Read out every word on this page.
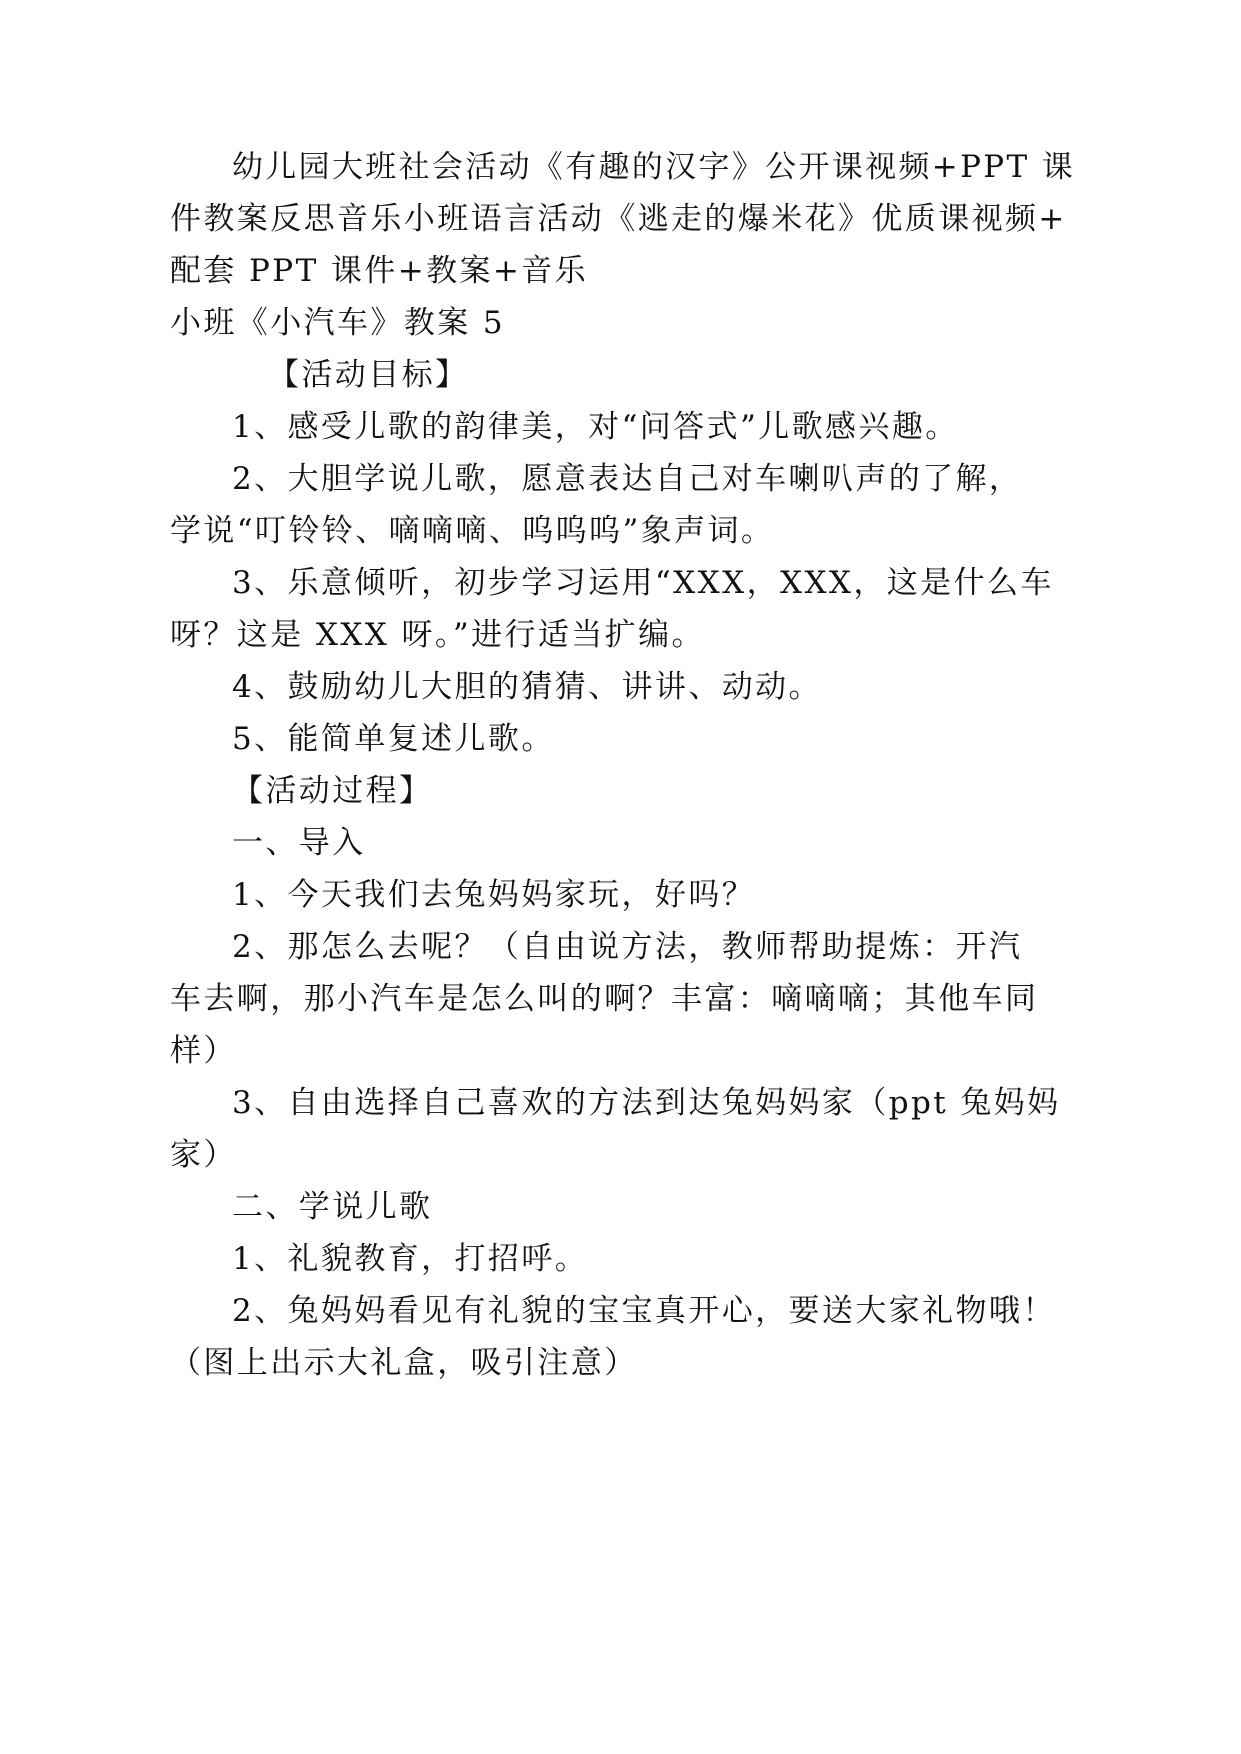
幼儿园大班社会活动《有趣的汉字》公开课视频+PPT 课

件教案反思音乐小班语言活动《逃走的爆米花》优质课视频+

配套 PPT 课件+教案+音乐

小班《小汽车》教案 5

【活动目标】

1、感受儿歌的韵律美，对“问答式”儿歌感兴趣。

2、大胆学说儿歌，愿意表达自己对车喇叭声的了解，

学说“叮铃铃、嘀嘀嘀、呜呜呜”象声词。

3、乐意倾听，初步学习运用“XXX，XXX，这是什么车

呀？这是 XXX 呀。”进行适当扩编。

4、鼓励幼儿大胆的猜猜、讲讲、动动。

5、能简单复述儿歌。

【活动过程】

一、导入

1、今天我们去兔妈妈家玩，好吗？

2、那怎么去呢？（自由说方法，教师帮助提炼：开汽

车去啊，那小汽车是怎么叫的啊？丰富：嘀嘀嘀；其他车同

样）

3、自由选择自己喜欢的方法到达兔妈妈家（ppt 兔妈妈

家）

二、学说儿歌

1、礼貌教育，打招呼。

2、兔妈妈看见有礼貌的宝宝真开心，要送大家礼物哦！

（图上出示大礼盒，吸引注意）
